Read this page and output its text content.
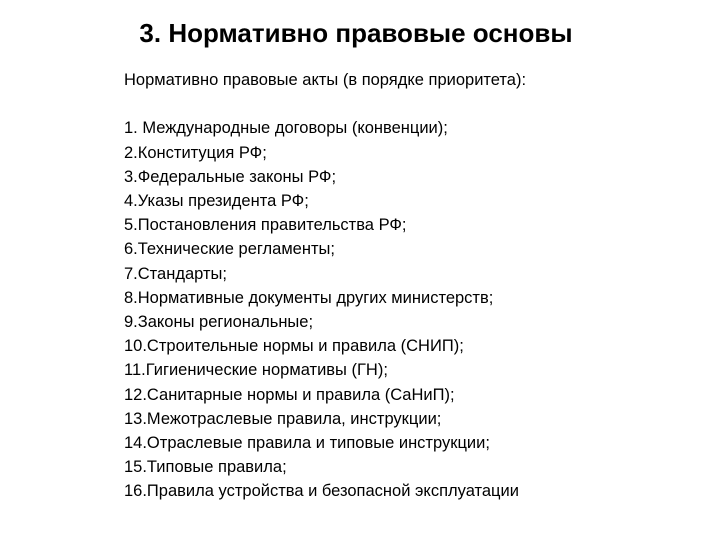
3. Нормативно правовые основы

Нормативно правовые акты (в порядке приоритета):

1. Международные договоры (конвенции);
2.Конституция РФ;
3.Федеральные законы РФ;
4.Указы президента РФ;
5.Постановления правительства РФ;
6.Технические регламенты;
7.Стандарты;
8.Нормативные документы других министерств;
9.Законы региональные;
10.Строительные нормы и правила (СНИП);
11.Гигиенические нормативы (ГН);
12.Санитарные нормы и правила (СаНиП);
13.Межотраслевые правила, инструкции;
14.Отраслевые правила и типовые инструкции;
15.Типовые правила;
16.Правила устройства и безопасной эксплуатации
